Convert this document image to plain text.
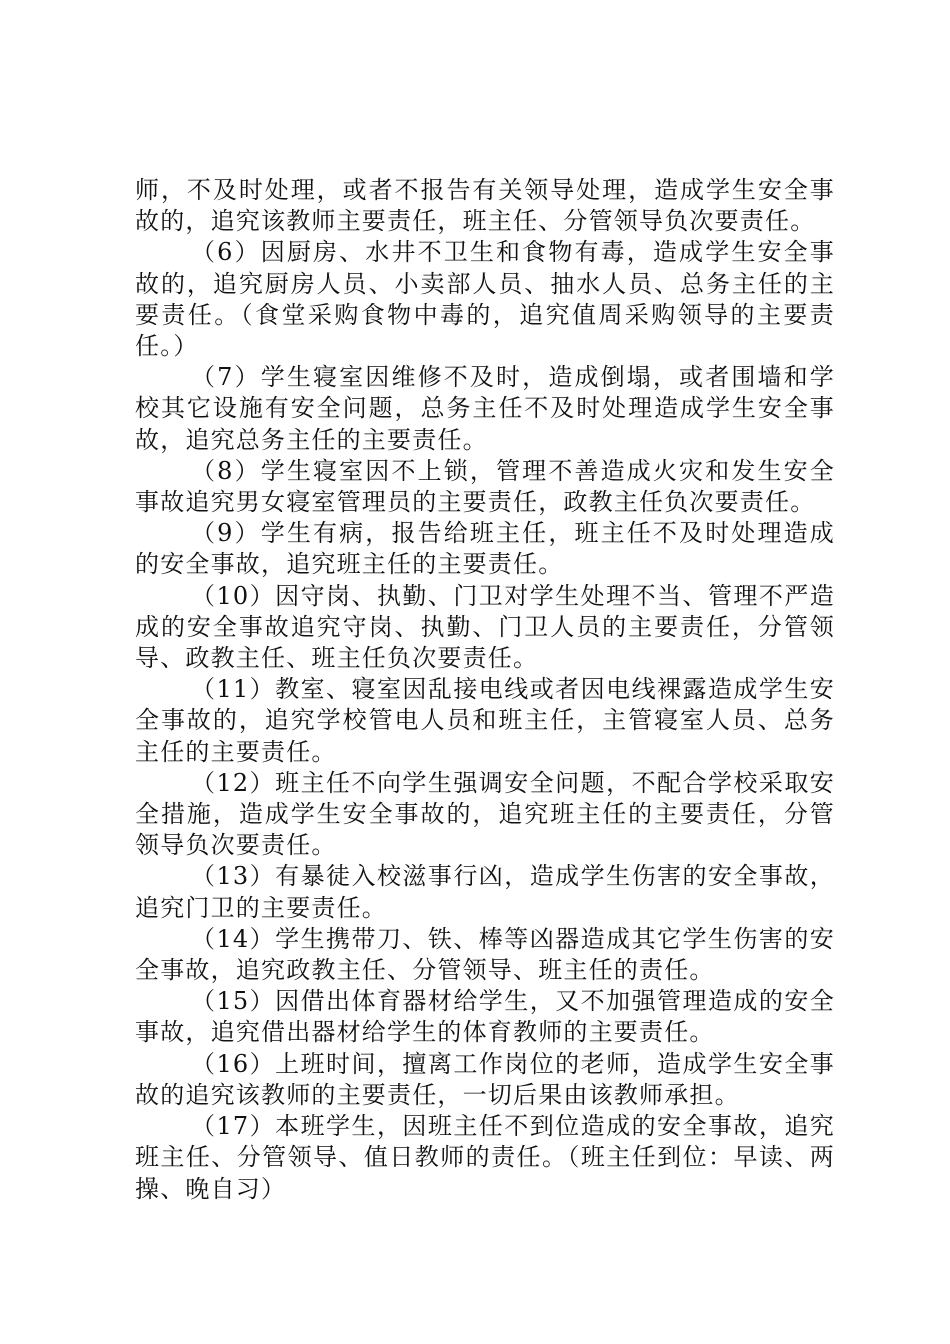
师，不及时处理，或者不报告有关领导处理，造成学生安全事故的，追究该教师主要责任，班主任、分管领导负次要责任。

（6）因厨房、水井不卫生和食物有毒，造成学生安全事故的，追究厨房人员、小卖部人员、抽水人员、总务主任的主要责任。（食堂采购食物中毒的，追究值周采购领导的主要责任。）

（7）学生寝室因维修不及时，造成倒塌，或者围墙和学校其它设施有安全问题，总务主任不及时处理造成学生安全事故，追究总务主任的主要责任。

（8）学生寝室因不上锁，管理不善造成火灾和发生安全事故追究男女寝室管理员的主要责任，政教主任负次要责任。

（9）学生有病，报告给班主任，班主任不及时处理造成的安全事故，追究班主任的主要责任。

（10）因守岗、执勤、门卫对学生处理不当、管理不严造成的安全事故追究守岗、执勤、门卫人员的主要责任，分管领导、政教主任、班主任负次要责任。

（11）教室、寝室因乱接电线或者因电线裸露造成学生安全事故的，追究学校管电人员和班主任，主管寝室人员、总务主任的主要责任。

（12）班主任不向学生强调安全问题，不配合学校采取安全措施，造成学生安全事故的，追究班主任的主要责任，分管领导负次要责任。

（13）有暴徒入校滋事行凶，造成学生伤害的安全事故，追究门卫的主要责任。

（14）学生携带刀、铁、棒等凶器造成其它学生伤害的安全事故，追究政教主任、分管领导、班主任的责任。

（15）因借出体育器材给学生，又不加强管理造成的安全事故，追究借出器材给学生的体育教师的主要责任。

（16）上班时间，擅离工作岗位的老师，造成学生安全事故的追究该教师的主要责任，一切后果由该教师承担。

（17）本班学生，因班主任不到位造成的安全事故，追究班主任、分管领导、值日教师的责任。（班主任到位：早读、两操、晚自习）
